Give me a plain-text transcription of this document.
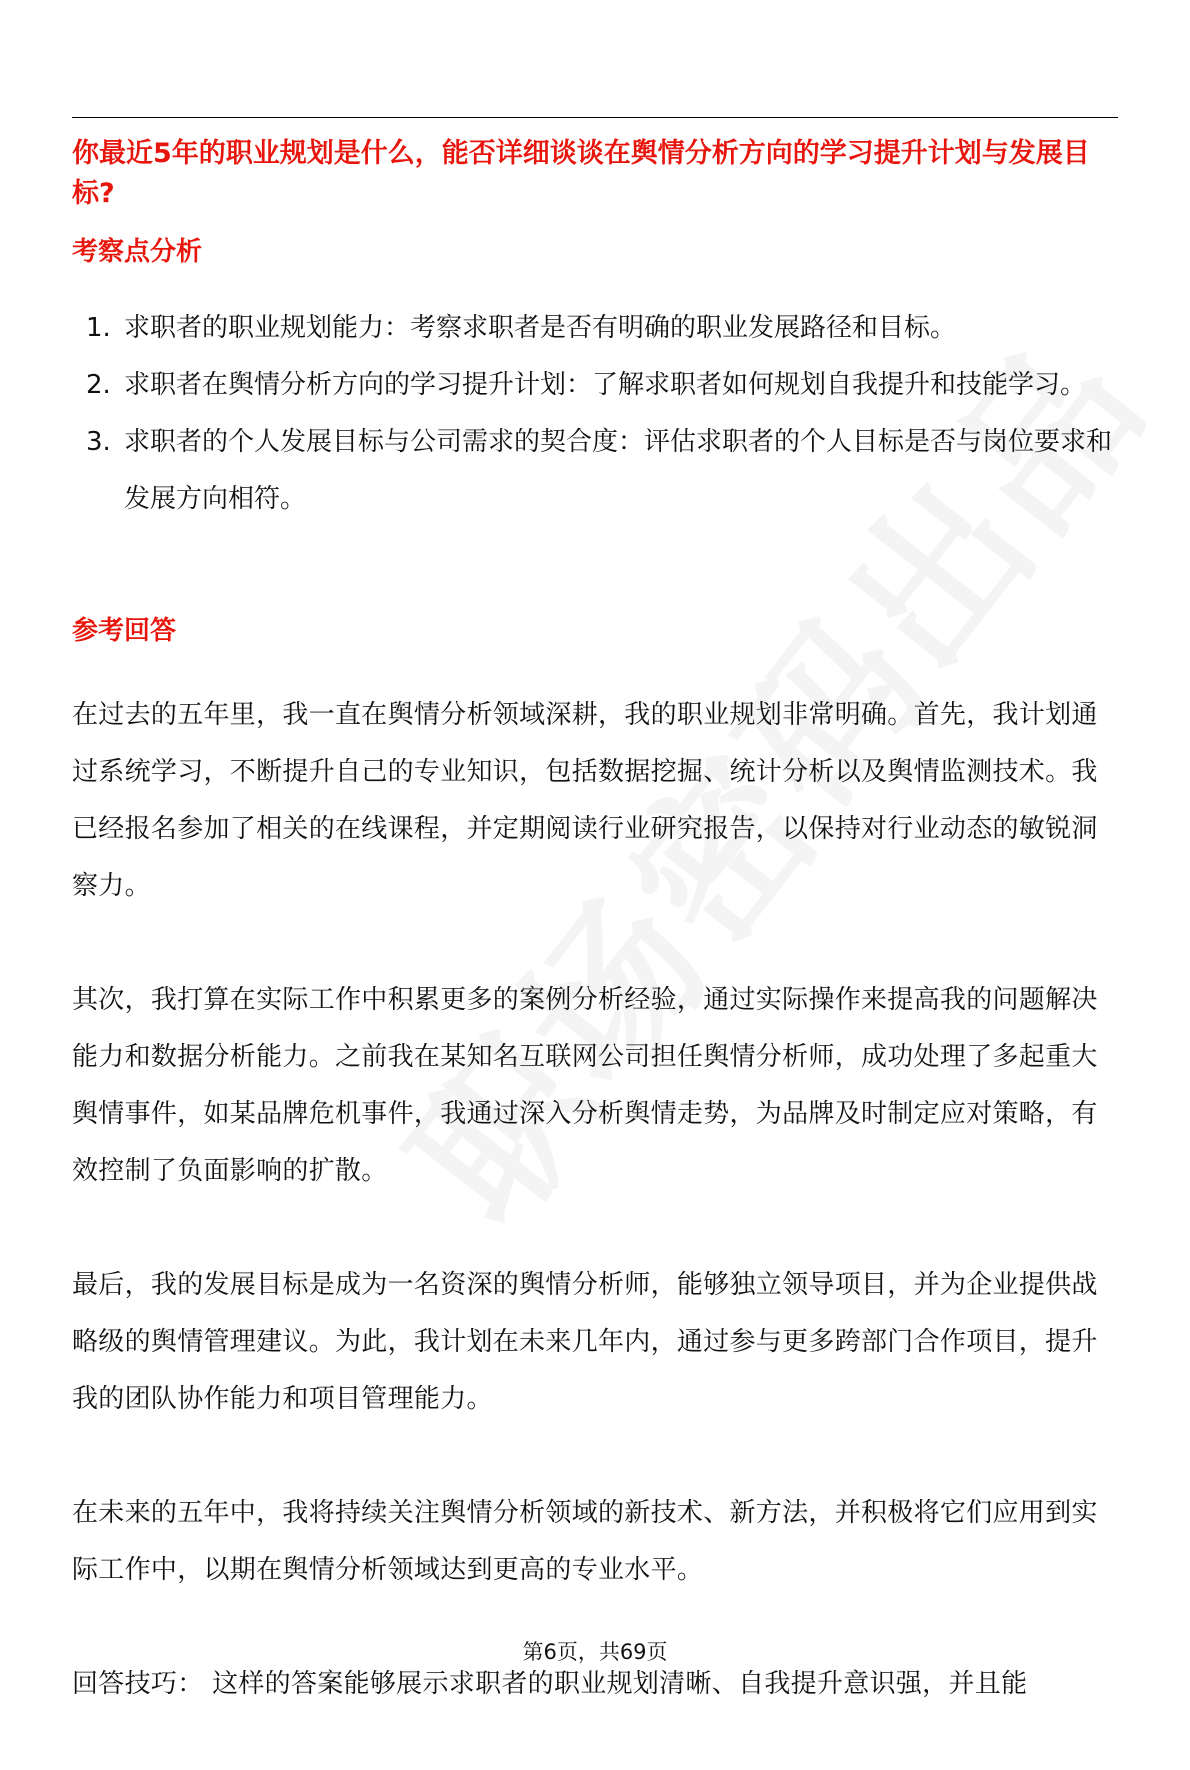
你最近5年的职业规划是什么，能否详细谈谈在舆情分析方向的学习提升计划与发展目标?
考察点分析
1. 求职者的职业规划能力：考察求职者是否有明确的职业发展路径和目标。
2. 求职者在舆情分析方向的学习提升计划：了解求职者如何规划自我提升和技能学习。
3. 求职者的个人发展目标与公司需求的契合度：评估求职者的个人目标是否与岗位要求和发展方向相符。
参考回答

在过去的五年里，我一直在舆情分析领域深耕，我的职业规划非常明确。首先，我计划通过系统学习，不断提升自己的专业知识，包括数据挖掘、统计分析以及舆情监测技术。我已经报名参加了相关的在线课程，并定期阅读行业研究报告，以保持对行业动态的敏锐洞察力。

其次，我打算在实际工作中积累更多的案例分析经验，通过实际操作来提高我的问题解决能力和数据分析能力。之前我在某知名互联网公司担任舆情分析师，成功处理了多起重大舆情事件，如某品牌危机事件，我通过深入分析舆情走势，为品牌及时制定应对策略，有效控制了负面影响的扩散。

最后，我的发展目标是成为一名资深的舆情分析师，能够独立领导项目，并为企业提供战略级的舆情管理建议。为此，我计划在未来几年内，通过参与更多跨部门合作项目，提升我的团队协作能力和项目管理能力。

在未来的五年中，我将持续关注舆情分析领域的新技术、新方法，并积极将它们应用到实际工作中，以期在舆情分析领域达到更高的专业水平。

回答技巧： 这样的答案能够展示求职者的职业规划清晰、自我提升意识强，并且能

第6页，共69页
